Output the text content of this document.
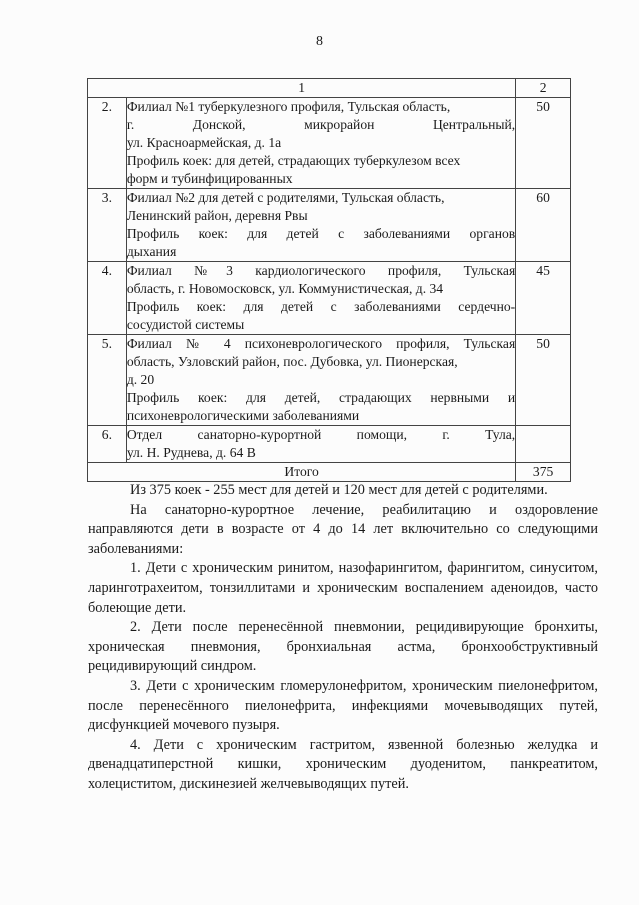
8
1		2
2.	Филиал №1 туберкулезного профиля, Тульская область,

г. Донской, микрорайон Центральный,

ул. Красноармейская, д. 1а

Профиль коек: для детей, страдающих туберкулезом всех

форм и тубинфицированных	50
3.	Филиал №2 для детей с родителями, Тульская область,

Ленинский район, деревня Рвы

Профиль коек: для детей с заболеваниями органов

дыхания	60
4.	Филиал №3 кардиологического профиля, Тульская

область, г. Новомосковск, ул. Коммунистическая, д. 34

Профиль коек: для детей с заболеваниями сердечно-

сосудистой системы	45
5.	Филиал № 4 психоневрологического профиля, Тульская

область, Узловский район, пос. Дубовка, ул. Пионерская,

д. 20

Профиль коек: для детей, страдающих нервными и

психоневрологическими заболеваниями	50
6.	Отдел санаторно-курортной помощи, г. Тула,

ул. Н. Руднева, д. 64 В	

Итого		375

Из 375 коек - 255 мест для детей и 120 мест для детей с родителями.

На санаторно-курортное лечение, реабилитацию и оздоровление направляются дети в возрасте от 4 до 14 лет включительно со следующими заболеваниями:

1. Дети с хроническим ринитом, назофарингитом, фарингитом, синуситом, ларинготрахеитом, тонзиллитами и хроническим воспалением аденоидов, часто болеющие дети.

2. Дети после перенесённой пневмонии, рецидивирующие бронхиты, хроническая пневмония, бронхиальная астма, бронхообструктивный рецидивирующий синдром.

3. Дети с хроническим гломерулонефритом, хроническим пиелонефритом, после перенесённого пиелонефрита, инфекциями мочевыводящих путей, дисфункцией мочевого пузыря.

4. Дети с хроническим гастритом, язвенной болезнью желудка и двенадцатиперстной кишки, хроническим дуоденитом, панкреатитом, холециститом, дискинезией желчевыводящих путей.
